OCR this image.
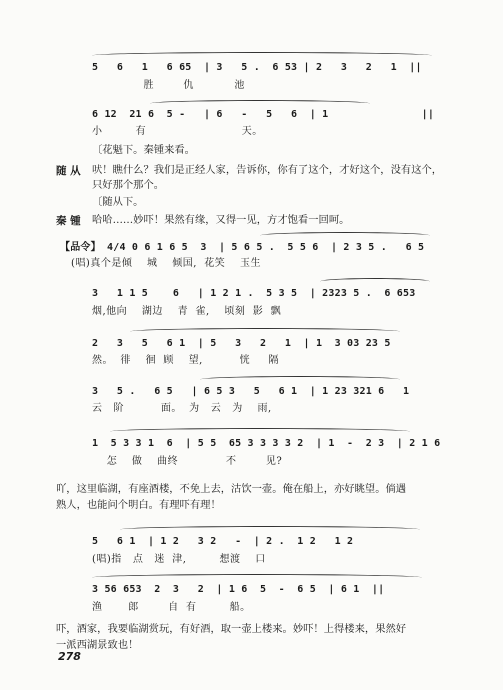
5   6   1   6 65  | 3   5 .  6 53 | 2   3   2   1  ||
胜        仇           池
6 12  21 6  5 -   | 6   -   5   6  | 1               ||
小         有                          天。
〔花魁下。秦锺来看。
随 从 吠！瞧什么？我们是正经人家，告诉你，你有了这个，才好这个，没有这个，
只好那个那个。
〔随从下。
秦 锺 哈哈……妙吓！果然有缘，又得一见，方才饱看一回呵。
【品令】 4/4 0 6 1 6 5  3  | 5 6 5 .  5 5 6  | 2 3 5 .   6 5
(唱)真个是倾    城    倾国,  花笑    玉生
3   1 1 5    6   | 1 2 1 .  5 3 5  | 2323 5 .  6 653
烟,他向    湖边    青  雀,    顷刻  影  飘
2   3   5   6 1  | 5   3   2   1  | 1  3 03 23 5
然。  徘    徊  顾    望,          恍     隔
3   5 .   6 5   | 6 5 3   5   6 1  | 1 23 321 6   1
云   阶          面。  为   云   为    雨,
1  5 3 3 1  6  | 5 5  65 3 3 3 3 2  | 1  -  2 3  | 2 1 6
怎    做    曲终             不        见?
吖，这里临湖，有座酒楼，不免上去，沽饮一壶。俺在船上，亦好眺望。倘遇
熟人，也能问个明白。有理吓有理！
5   6 1  | 1 2   3 2   -  | 2 .  1 2   1 2
(唱)指   点   迷  津,         想渡    口
3 56 653  2  3   2  | 1 6  5  -  6 5  | 6 1  ||
渔       郎        自  有         船。
吓，酒家，我要临湖赏玩，有好酒，取一壶上楼来。妙吓！上得楼来，果然好
一派西湖景致也！
278
